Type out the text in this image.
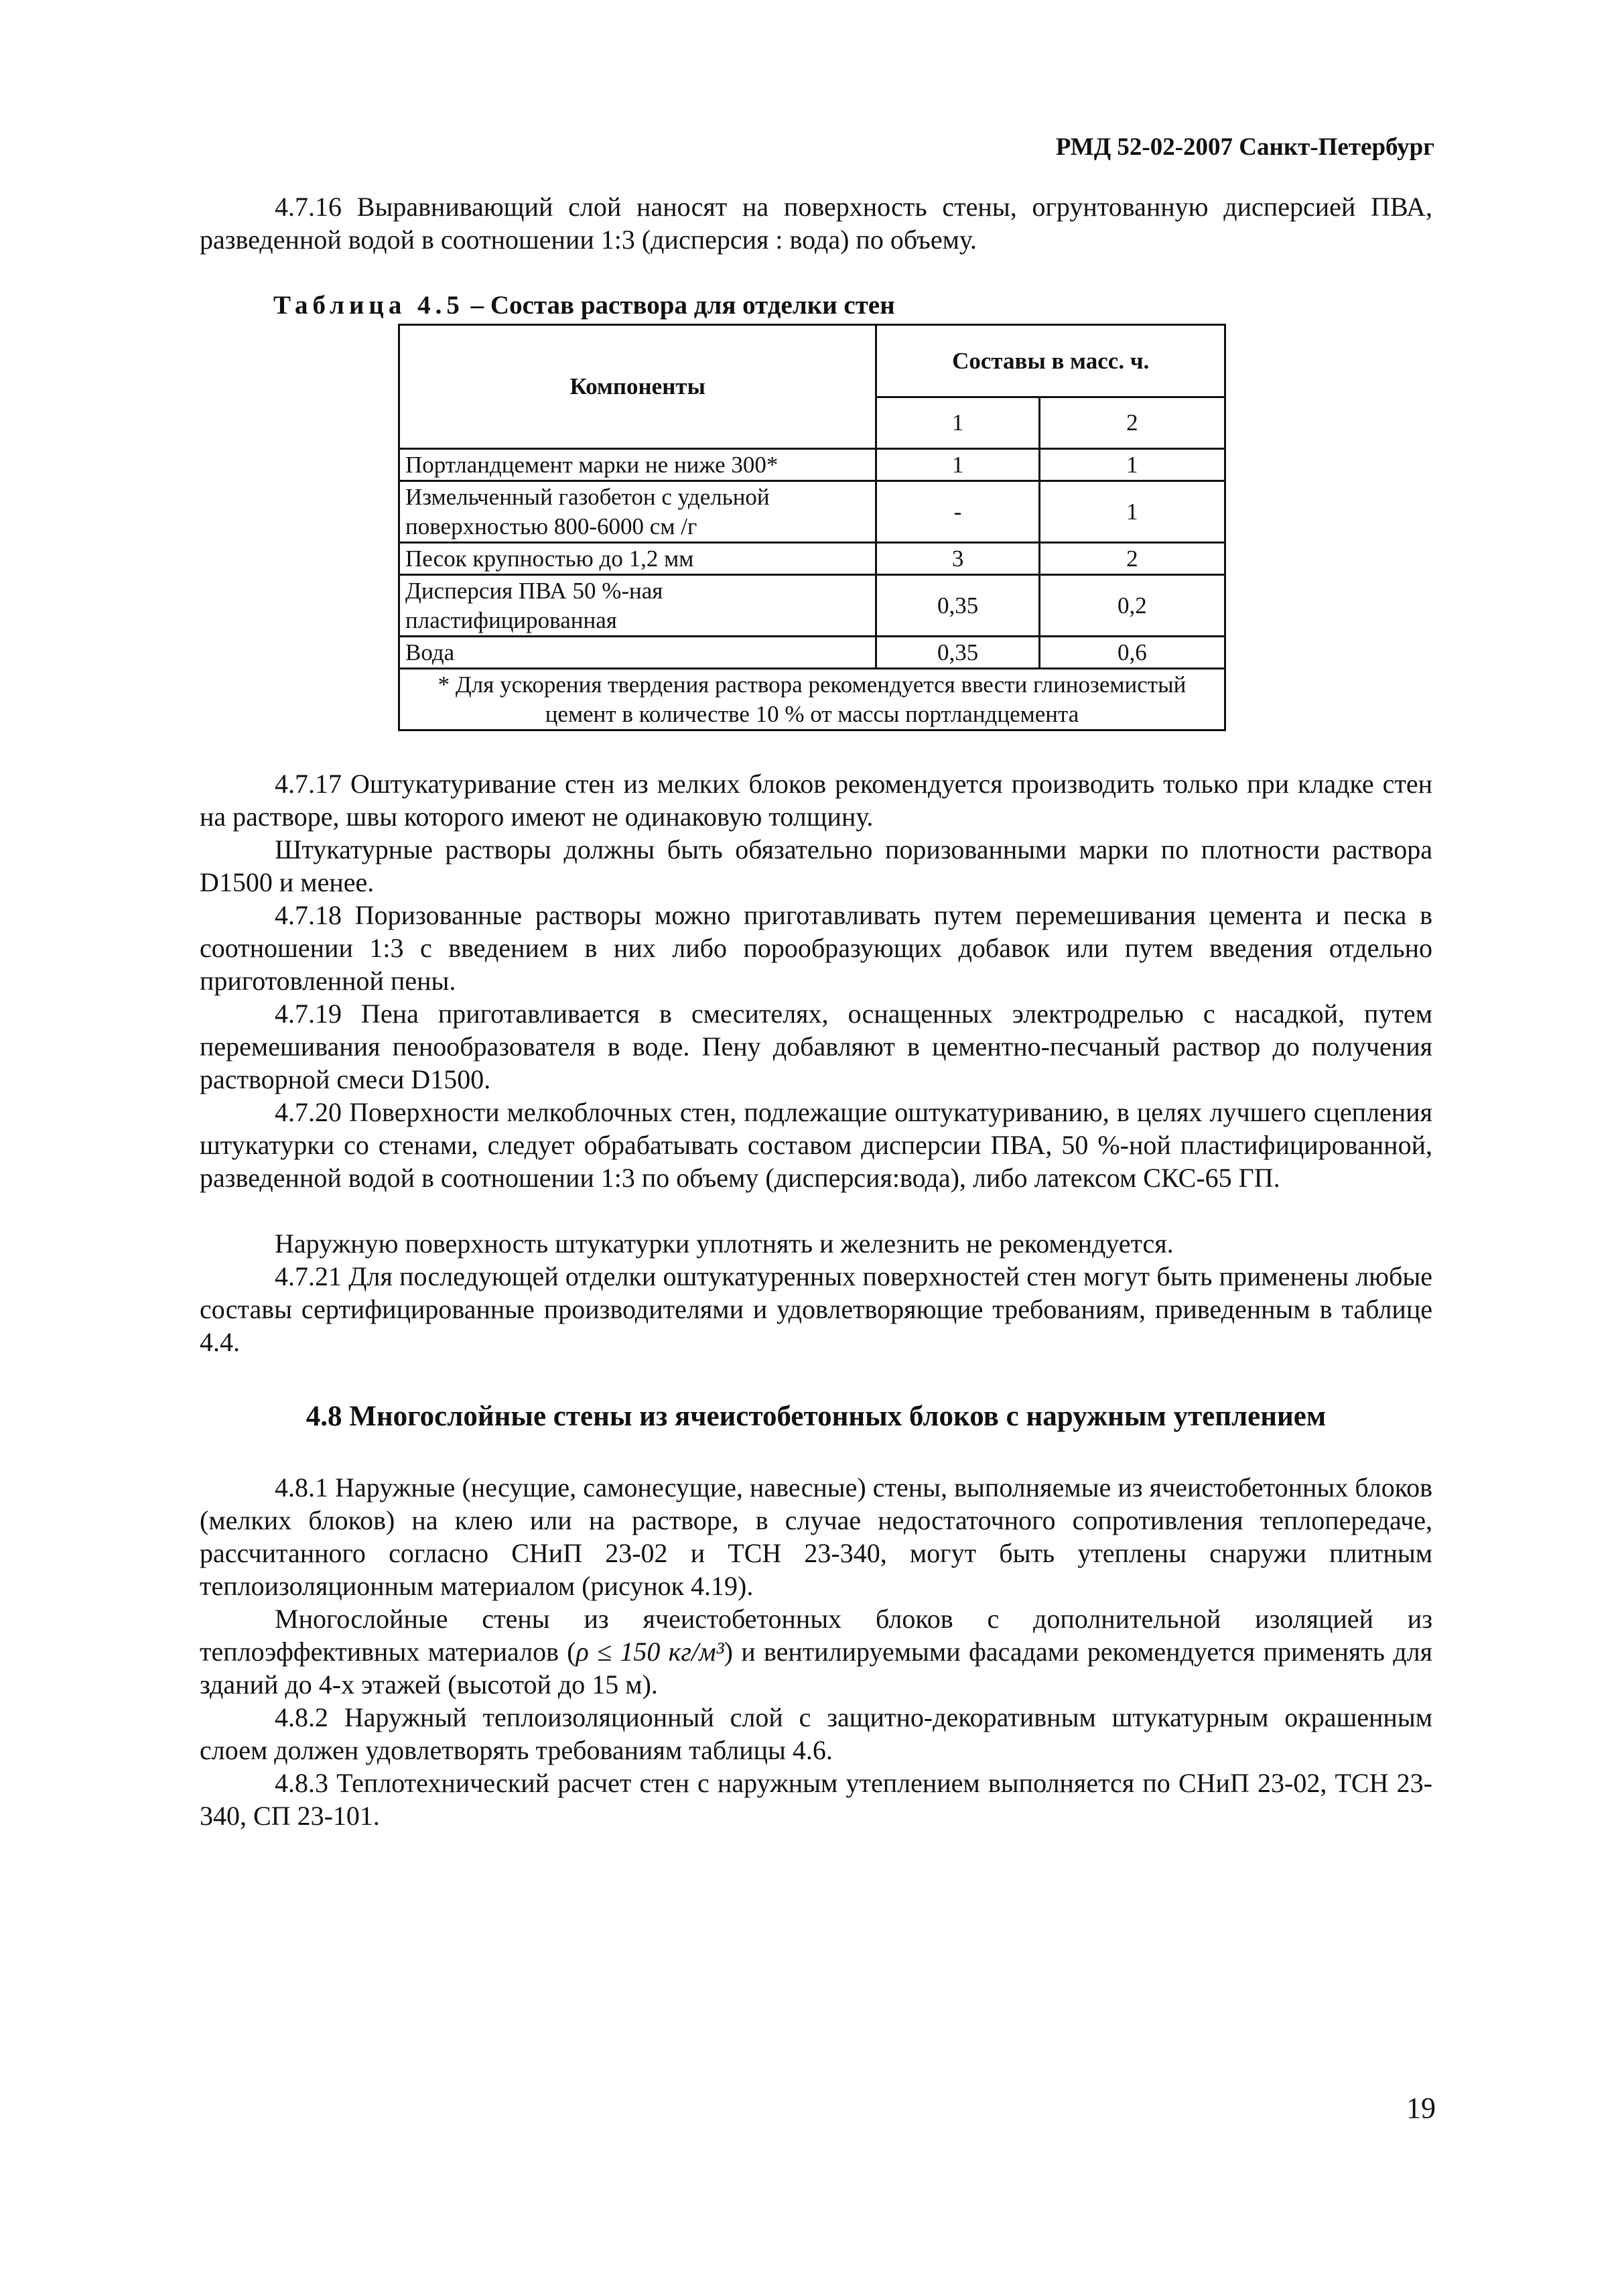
РМД 52-02-2007 Санкт-Петербург

4.7.16 Выравнивающий слой наносят на поверхность стены, огрунтованную дисперсией ПВА, разведенной водой в соотношении 1:3 (дисперсия : вода) по объему.

Таблица 4.5 – Состав раствора для отделки стен
Компоненты	Составы в масс. ч.	
	1	2
Портландцемент марки не ниже 300*	1	1
Измельченный газобетон с удельной поверхностью 800-6000 см /г	-	1
Песок крупностью до 1,2 мм	3	2
Дисперсия ПВА 50 %-ная пластифицированная	0,35	0,2
Вода	0,35	0,6
* Для ускорения твердения раствора рекомендуется ввести глиноземистый цемент в количестве 10 % от массы портландцемента		

4.7.17 Оштукатуривание стен из мелких блоков рекомендуется производить только при кладке стен на растворе, швы которого имеют не одинаковую толщину.

Штукатурные растворы должны быть обязательно поризованными марки по плотности раствора D1500 и менее.

4.7.18 Поризованные растворы можно приготавливать путем перемешивания цемента и песка в соотношении 1:3 с введением в них либо порообразующих добавок или путем введения отдельно приготовленной пены.

4.7.19 Пена приготавливается в смесителях, оснащенных электродрелью с насадкой, путем перемешивания пенообразователя в воде. Пену добавляют в цементно-песчаный раствор до получения растворной смеси D1500.

4.7.20 Поверхности мелкоблочных стен, подлежащие оштукатуриванию, в целях лучшего сцепления штукатурки со стенами, следует обрабатывать составом дисперсии ПВА, 50 %-ной пластифицированной, разведенной водой в соотношении 1:3 по объему (дисперсия:вода), либо латексом СКС-65 ГП.

Наружную поверхность штукатурки уплотнять и железнить не рекомендуется.

4.7.21 Для последующей отделки оштукатуренных поверхностей стен могут быть применены любые составы сертифицированные производителями и удовлетворяющие требованиям, приведенным в таблице 4.4.

4.8 Многослойные стены из ячеистобетонных блоков с наружным утеплением

4.8.1 Наружные (несущие, самонесущие, навесные) стены, выполняемые из ячеистобетонных блоков (мелких блоков) на клею или на растворе, в случае недостаточного сопротивления теплопередаче, рассчитанного согласно СНиП 23-02 и ТСН 23-340, могут быть утеплены снаружи плитным теплоизоляционным материалом (рисунок 4.19).

Многослойные стены из ячеистобетонных блоков с дополнительной изоляцией из теплоэффективных материалов (ρ ≤ 150 кг/м³) и вентилируемыми фасадами рекомендуется применять для зданий до 4-х этажей (высотой до 15 м).

4.8.2 Наружный теплоизоляционный слой с защитно-декоративным штукатурным окрашенным слоем должен удовлетворять требованиям таблицы 4.6.

4.8.3 Теплотехнический расчет стен с наружным утеплением выполняется по СНиП 23-02, ТСН 23-340, СП 23-101.

19
